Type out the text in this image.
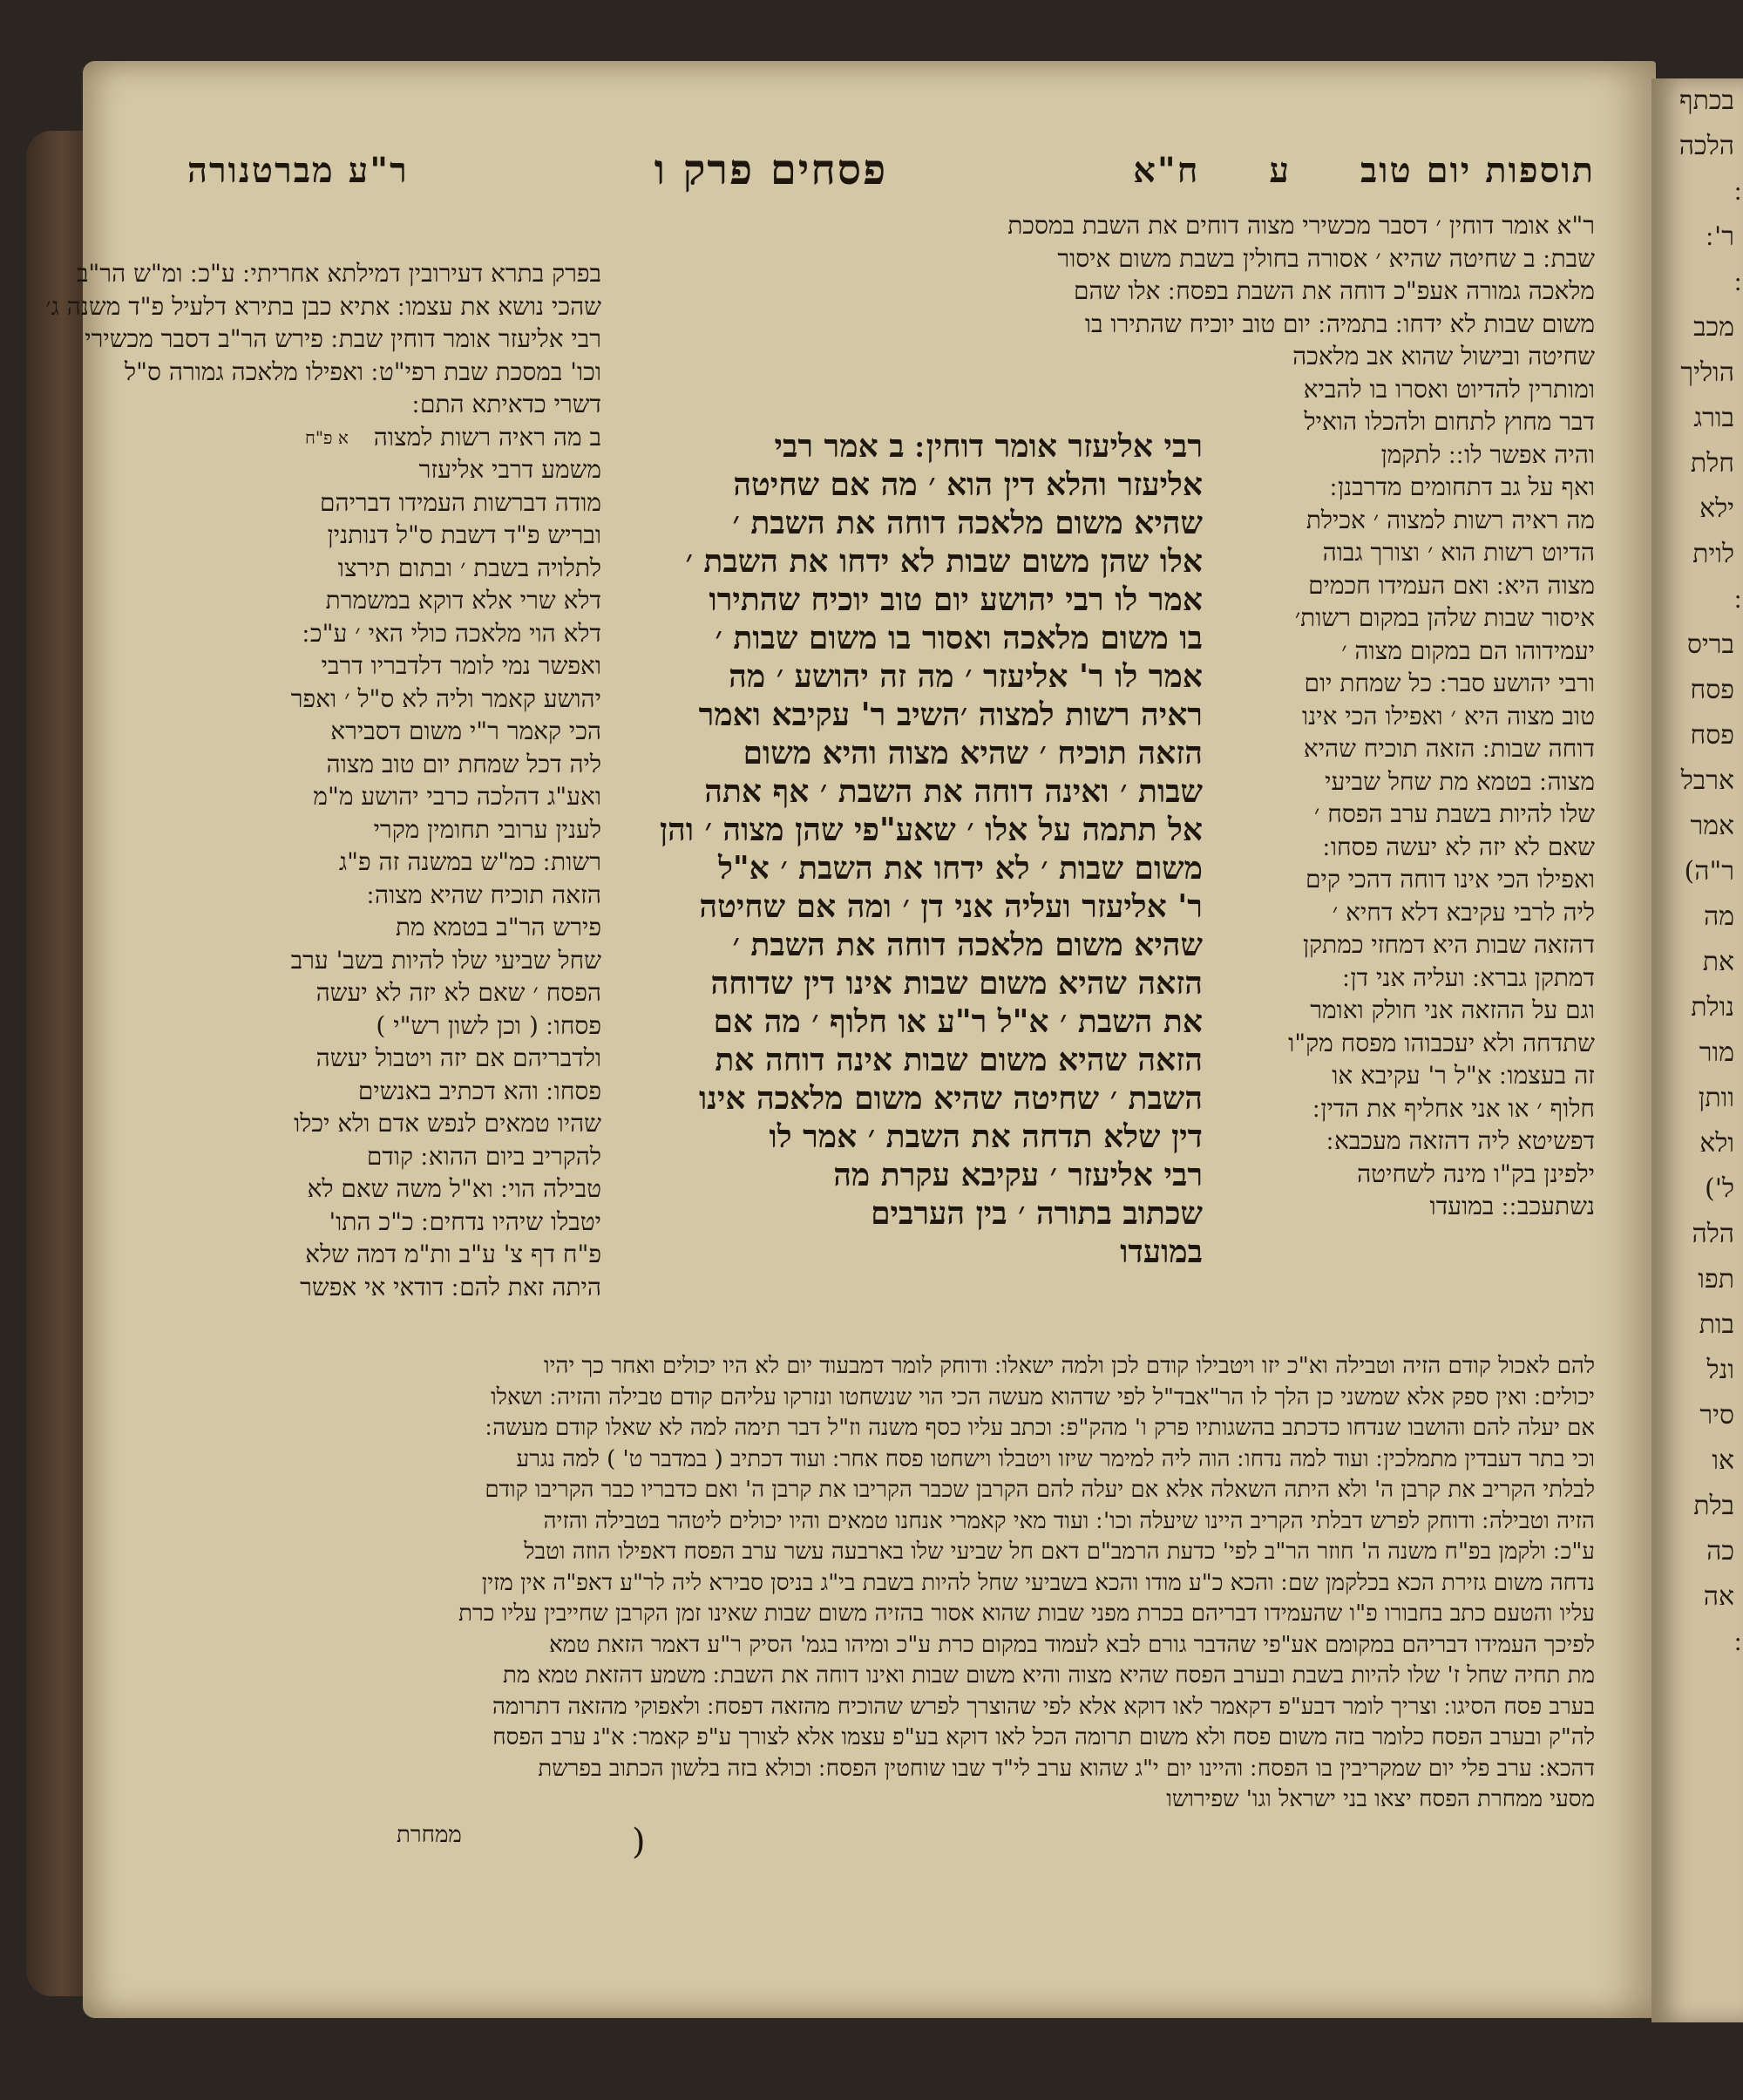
תוספות יום טוב
ע
ח"א
פסחים פרק ו
ר"ע מברטנורה
ר"א אומר דוחין ׳ דסבר מכשירי מצוה דוחים את השבת במסכת
שבת ׃ ב שחיטה שהיא ׳ אסורה בחולין בשבת משום איסור
מלאכה גמורה אעפ"כ דוחה את השבת בפסח ׃ אלו שהם
משום שבות לא ידחו ׃ בתמיה ׃ יום טוב יוכיח שהתירו בו
שחיטה ובישול שהוא אב מלאכה
ומותרין להדיוט ואסרו בו להביא
דבר מחוץ לתחום ולהכלו הואיל
והיה אפשר לו ׃ ׃ לתקמן
ואף על גב דתחומים מדרבנן ׃
מה ראיה רשות למצוה ׳ אכילת
הדיוט רשות הוא ׳ וצורך גבוה
מצוה היא ׃ ואם העמידו חכמים
איסור שבות שלהן במקום רשות׳
יעמידוהו הם במקום מצוה ׳
ורבי יהושע סבר ׃ כל שמחת יום
טוב מצוה היא ׳ ואפילו הכי אינו
דוחה שבות ׃ הזאה תוכיח שהיא
מצוה ׃ בטמא מת שחל שביעי
שלו להיות בשבת ערב הפסח ׳
שאם לא יזה לא יעשה פסחו ׃
ואפילו הכי אינו דוחה דהכי קים
ליה לרבי עקיבא דלא דחיא ׳
דהזאה שבות היא דמחזי כמתקן
דמתקן גברא ׃ ועליה אני דן ׃
וגם על ההזאה אני חולק ואומר
שתדחה ולא יעכבוהו מפסח מק"ו
זה בעצמו ׃ א"ל ר' עקיבא או
חלוף ׳ או אני אחליף את הדין ׃
דפשיטא ליה דהזאה מעכבא ׃
ילפינן בק"ו מינה לשחיטה
נשתעכב ׃ ׃ במועדו
רבי אליעזר אומר דוחין ׃ ב אמר רבי
אליעזר והלא דין הוא ׳ מה אם שחיטה
שהיא משום מלאכה דוחה את השבת ׳
אלו שהן משום שבות לא ידחו את השבת ׳
אמר לו רבי יהושע יום טוב יוכיח שהתירו
בו משום מלאכה ואסור בו משום שבות ׳
אמר לו ר' אליעזר ׳ מה זה יהושע ׳ מה
ראיה רשות למצוה ׳השיב ר' עקיבא ואמר
הזאה תוכיח ׳ שהיא מצוה והיא משום
שבות ׳ ואינה דוחה את השבת ׳ אף אתה
אל תתמה על אלו ׳ שאע"פי שהן מצוה ׳ והן
משום שבות ׳ לא ידחו את השבת ׳ א"ל
ר' אליעזר ועליה אני דן ׳ ומה אם שחיטה
שהיא משום מלאכה דוחה את השבת ׳
הזאה שהיא משום שבות אינו דין שדוחה
את השבת ׳ א"ל ר"ע או חלוף ׳ מה אם
הזאה שהיא משום שבות אינה דוחה את
השבת ׳ שחיטה שהיא משום מלאכה אינו
דין שלא תדחה את השבת ׳ אמר לו
רבי אליעזר ׳ עקיבא עקרת מה
שכתוב בתורה ׳ בין הערבים
במועדו
בפרק בתרא דעירובין דמילתא אחריתי ׃ ע"כ ׃ ומ"ש הר"ב
שהכי נושא את עצמו ׃ אתיא כבן בתירא דלעיל פ"ד משנה ג׳
רבי אליעזר אומר דוחין שבת ׃ פירש הר"ב דסבר מכשירי
וכו' במסכת שבת רפי"ט ׃ ואפילו מלאכה גמורה ס"ל
דשרי כדאיתא התם ׃
ב מה ראיה רשות למצוה
משמע דרבי אליעזר
מודה דברשות העמידו דבריהם
ובריש פ"ד דשבת ס"ל דנותנין
לתלויה בשבת ׳ ובתום תירצו
דלא שרי אלא דוקא במשמרת
דלא הוי מלאכה כולי האי ׳ ע"כ ׃
ואפשר נמי לומר דלדבריו דרבי
יהושע קאמר וליה לא ס"ל ׳ ואפר
הכי קאמר ר"י משום דסבירא
ליה דכל שמחת יום טוב מצוה
ואע"ג דהלכה כרבי יהושע מ"מ
לענין ערובי תחומין מקרי
רשות ׃ כמ"ש במשנה זה פ"ג
הזאה תוכיח שהיא מצוה ׃
פירש הר"ב בטמא מת
שחל שביעי שלו להיות בשב' ערב
הפסח ׳ שאם לא יזה לא יעשה
פסחו ׃ ( וכן לשון רש"י )
ולדבריהם אם יזה ויטבול יעשה
פסחו ׃ והא דכתיב באנשים
שהיו טמאים לנפש אדם ולא יכלו
להקריב ביום ההוא ׃ קודם
טבילה הוי ׃ וא"ל משה שאם לא
יטבלו שיהיו נדחים ׃ כ"כ התו'
פ"ח דף צ' ע"ב ות"מ דמה שלא
היתה זאת להם ׃ דודאי אי אפשר
להם לאכול קודם הזיה וטבילה וא"כ יזו ויטבילו קודם לכן ולמה ישאלו ׃ ודוחק לומר דמבעוד יום לא היו יכולים ואחר כך יהיו
יכולים ׃ ואין ספק אלא שמשני כן הלך לו הר"אבד"ל לפי שדהוא מעשה הכי הוי שנשחטו ונזרקו עליהם קודם טבילה והזיה ׃ ושאלו
אם יעלה להם והושבו שנדחו כדכתב בהשגותיו פרק ו' מהק"פ ׃ וכתב עליו כסף משנה וז"ל דבר תימה למה לא שאלו קודם מעשה ׃
וכי בתר דעבדין מתמלכין ׃ ועוד למה נדחו ׃ הוה ליה למימר שיזו ויטבלו וישחטו פסח אחר ׃ ועוד דכתיב ( במדבר ט' ) למה נגרע
לבלתי הקריב את קרבן ה' ולא היתה השאלה אלא אם יעלה להם הקרבן שכבר הקריבו את קרבן ה' ואם כדבריו כבר הקריבו קודם
הזיה וטבילה ׃ ודוחק לפרש דבלתי הקריב היינו שיעלה וכו' ׃ ועוד מאי קאמרי אנחנו טמאים והיו יכולים ליטהר בטבילה והזיה
ע"כ ׃ ולקמן בפ"ח משנה ה' חוזר הר"ב לפי' כדעת הרמב"ם דאם חל שביעי שלו בארבעה עשר ערב הפסח דאפילו הוזה וטבל
נדחה משום גזירת הכא בכלקמן שם ׃ והכא כ"ע מודו והכא בשביעי שחל להיות בשבת בי"ג בניסן סבירא ליה לר"ע דאפ"ה אין מזין
עליו והטעם כתב בחבורו פ"ו שהעמידו דבריהם בכרת מפני שבות שהוא אסור בהזיה משום שבות שאינו זמן הקרבן שחייבין עליו כרת
לפיכך העמידו דבריהם במקומם אע"פי שהדבר גורם לבא לעמוד במקום כרת ע"כ ומיהו בגמ' הסיק ר"ע דאמר הזאת טמא
מת תחיה שחל ז' שלו להיות בשבת ובערב הפסח שהיא מצוה והיא משום שבות ואינו דוחה את השבת ׃ משמע דהזאת טמא מת
בערב פסח הסיגו ׃ וצריך לומר דבע"פ דקאמר לאו דוקא אלא לפי שהוצרך לפרש שהוכיח מהזאה דפסח ׃ ולאפוקי מהזאה דתרומה
לה"ק ובערב הפסח כלומר בזה משום פסח ולא משום תרומה הכל לאו דוקא בע"פ עצמו אלא לצורך ע"פ קאמר ׃ א"נ ערב הפסח
דהכא ׃ ערב פלי יום שמקריבין בו הפסח ׃ והיינו יום י"ג שהוא ערב לי"ד שבו שוחטין הפסח ׃ וכולא בזה בלשון הכתוב בפרשת
מסעי ממחרת הפסח יצאו בני ישראל וגו' שפירושו
א פ"ח
ממחרת	(
בכתף
הלכה
ר' ׃
מכב
הוליך
בורג
חלת
ילא
לוית
בריס
פסח
פסח
ארבל
אמר
ר"ה)
מה
את
נולת
מור
וותן
ולא
ל')
הלה
תפו
בות
ונל
סיר
או
בלת
כה
אה
